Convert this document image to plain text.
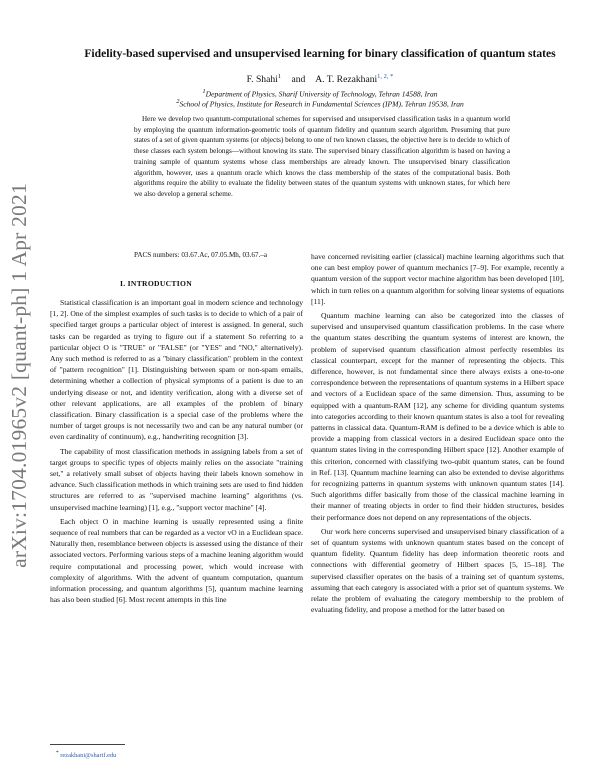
arXiv:1704.01965v2 [quant-ph] 1 Apr 2021
Fidelity-based supervised and unsupervised learning for binary classification of quantum states
F. Shahi$^1$ and A. T. Rezakhani$^{1, 2, *}$
$^1$Department of Physics, Sharif University of Technology, Tehran 14588, Iran
$^2$School of Physics, Institute for Research in Fundamental Sciences (IPM), Tehran 19538, Iran

Here we develop two quantum-computational schemes for supervised and unsupervised classification tasks in a quantum world by employing the quantum information-geometric tools of quantum fidelity and quantum search algorithm. Presuming that pure states of a set of given quantum systems (or objects) belong to one of two known classes, the objective here is to decide to which of these classes each system belongs—without knowing its state. The supervised binary classification algorithm is based on having a training sample of quantum systems whose class memberships are already known. The unsupervised binary classification algorithm, however, uses a quantum oracle which knows the class membership of the states of the computational basis. Both algorithms require the ability to evaluate the fidelity between states of the quantum systems with unknown states, for which here we also develop a general scheme.

PACS numbers: 03.67.Ac, 07.05.Mh, 03.67.–a
I. INTRODUCTION

Statistical classification is an important goal in modern science and technology [1, 2]. One of the simplest examples of such tasks is to decide to which of a pair of specified target groups a particular object of interest is assigned. In general, such tasks can be regarded as trying to figure out if a statement So referring to a particular object O is "TRUE" or "FALSE" (or "YES" and "NO," alternatively). Any such method is referred to as a "binary classification" problem in the context of "pattern recognition" [1]. Distinguishing between spam or non-spam emails, determining whether a collection of physical symptoms of a patient is due to an underlying disease or not, and identity verification, along with a diverse set of other relevant applications, are all examples of the problem of binary classification. Binary classification is a special case of the problems where the number of target groups is not necessarily two and can be any natural number (or even cardinality of continuum), e.g., handwriting recognition [3].

The capability of most classification methods in assigning labels from a set of target groups to specific types of objects mainly relies on the associate "training set," a relatively small subset of objects having their labels known somehow in advance. Such classification methods in which training sets are used to find hidden structures are referred to as "supervised machine learning" algorithms (vs. unsupervised machine learning) [1], e.g., "support vector machine" [4].

Each object O in machine learning is usually represented using a finite sequence of real numbers that can be regarded as a vector vO in a Euclidean space. Naturally then, resemblance between objects is assessed using the distance of their associated vectors. Performing various steps of a machine leaning algorithm would require computational and processing power, which would increase with complexity of algorithms. With the advent of quantum computation, quantum information processing, and quantum algorithms [5], quantum machine learning has also been studied [6]. Most recent attempts in this line

have concerned revisiting earlier (classical) machine learning algorithms such that one can best employ power of quantum mechanics [7–9]. For example, recently a quantum version of the support vector machine algorithm has been developed [10], which in turn relies on a quantum algorithm for solving linear systems of equations [11].

Quantum machine learning can also be categorized into the classes of supervised and unsupervised quantum classification problems. In the case where the quantum states describing the quantum systems of interest are known, the problem of supervised quantum classification almost perfectly resembles its classical counterpart, except for the manner of representing the objects. This difference, however, is not fundamental since there always exists a one-to-one correspondence between the representations of quantum systems in a Hilbert space and vectors of a Euclidean space of the same dimension. Thus, assuming to be equipped with a quantum-RAM [12], any scheme for dividing quantum systems into categories according to their known quantum states is also a tool for revealing patterns in classical data. Quantum-RAM is defined to be a device which is able to provide a mapping from classical vectors in a desired Euclidean space onto the quantum states living in the corresponding Hilbert space [12]. Another example of this criterion, concerned with classifying two-qubit quantum states, can be found in Ref. [13]. Quantum machine learning can also be extended to devise algorithms for recognizing patterns in quantum systems with unknown quantum states [14]. Such algorithms differ basically from those of the classical machine learning in their manner of treating objects in order to find their hidden structures, besides their performance does not depend on any representations of the objects.

Our work here concerns supervised and unsupervised binary classification of a set of quantum systems with unknown quantum states based on the concept of quantum fidelity. Quantum fidelity has deep information theoretic roots and connections with differential geometry of Hilbert spaces [5, 15–18]. The supervised classifier operates on the basis of a training set of quantum systems, assuming that each category is associated with a prior set of quantum systems. We relate the problem of evaluating the category membership to the problem of evaluating fidelity, and propose a method for the latter based on

* rezakhani@sharif.edu
